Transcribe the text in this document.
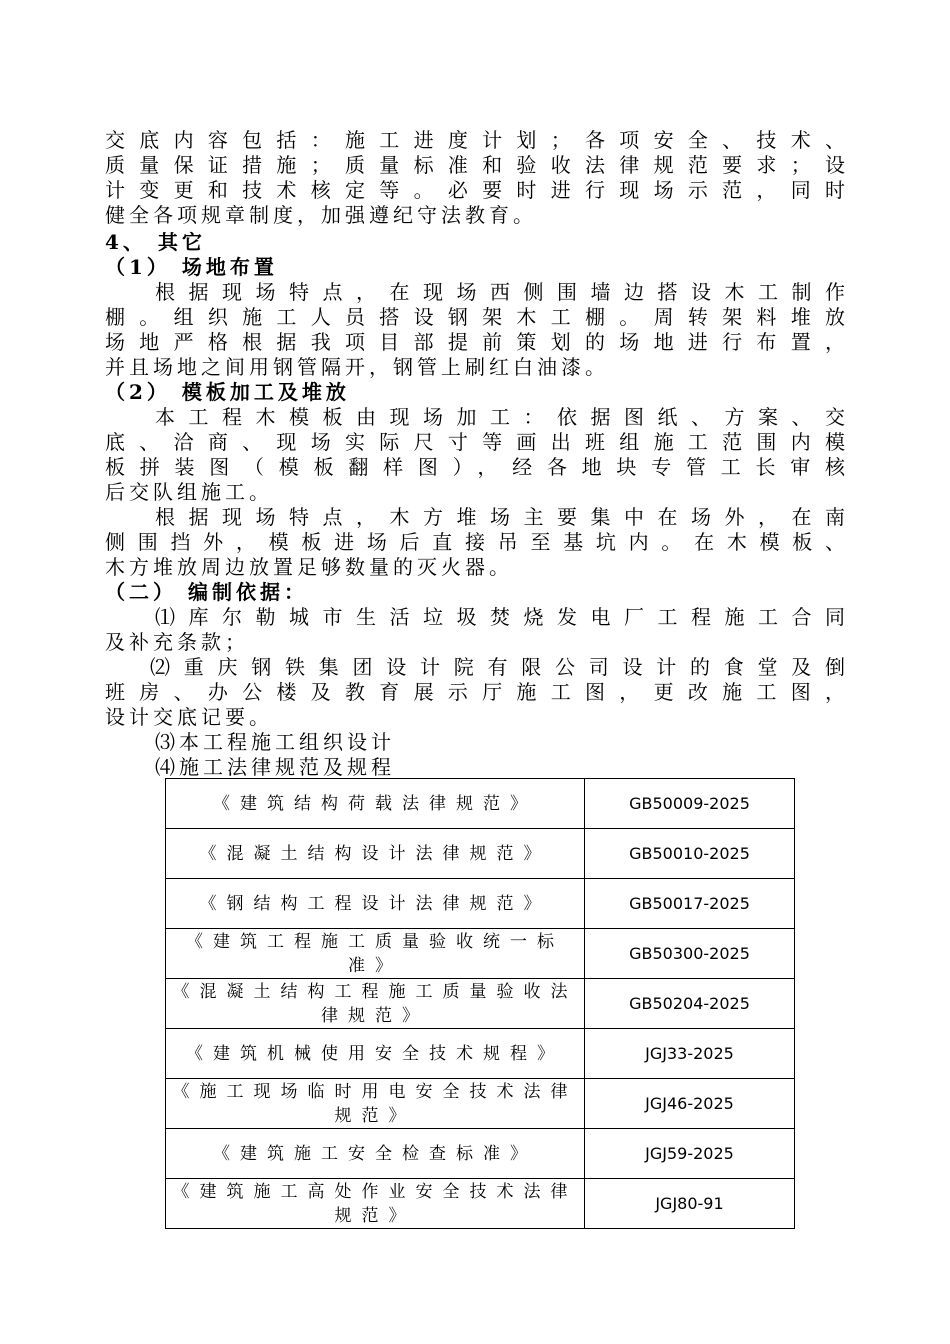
交底内容包括：施工进度计划；各项安全、技术、
质量保证措施；质量标准和验收法律规范要求；设
计变更和技术核定等。必要时进行现场示范，同时
健全各项规章制度，加强遵纪守法教育。
4、 其它
（1） 场地布置
根据现场特点，在现场西侧围墙边搭设木工制作
棚。组织施工人员搭设钢架木工棚。周转架料堆放
场地严格根据我项目部提前策划的场地进行布置，
并且场地之间用钢管隔开，钢管上刷红白油漆。
（2） 模板加工及堆放
本工程木模板由现场加工：依据图纸、方案、交
底、洽商、现场实际尺寸等画出班组施工范围内模
板拼装图（模板翻样图），经各地块专管工长审核
后交队组施工。
根据现场特点，木方堆场主要集中在场外，在南
侧围挡外，模板进场后直接吊至基坑内。在木模板、
木方堆放周边放置足够数量的灭火器。
（二） 编制依据：
⑴库尔勒城市生活垃圾焚烧发电厂工程施工合同
及补充条款；
⑵重庆钢铁集团设计院有限公司设计的食堂及倒
班房、办公楼及教育展示厅施工图，更改施工图，
设计交底记要。
⑶本工程施工组织设计
⑷施工法律规范及规程
《建筑结构荷载法律规范》	GB50009-2025
《混凝土结构设计法律规范》	GB50010-2025
《钢结构工程设计法律规范》	GB50017-2025
《建筑工程施工质量验收统一标准》	GB50300-2025
《混凝土结构工程施工质量验收法律规范》	GB50204-2025
《建筑机械使用安全技术规程》	JGJ33-2025
《施工现场临时用电安全技术法律规范》	JGJ46-2025
《建筑施工安全检查标准》	JGJ59-2025
《建筑施工高处作业安全技术法律规范》	JGJ80-91
